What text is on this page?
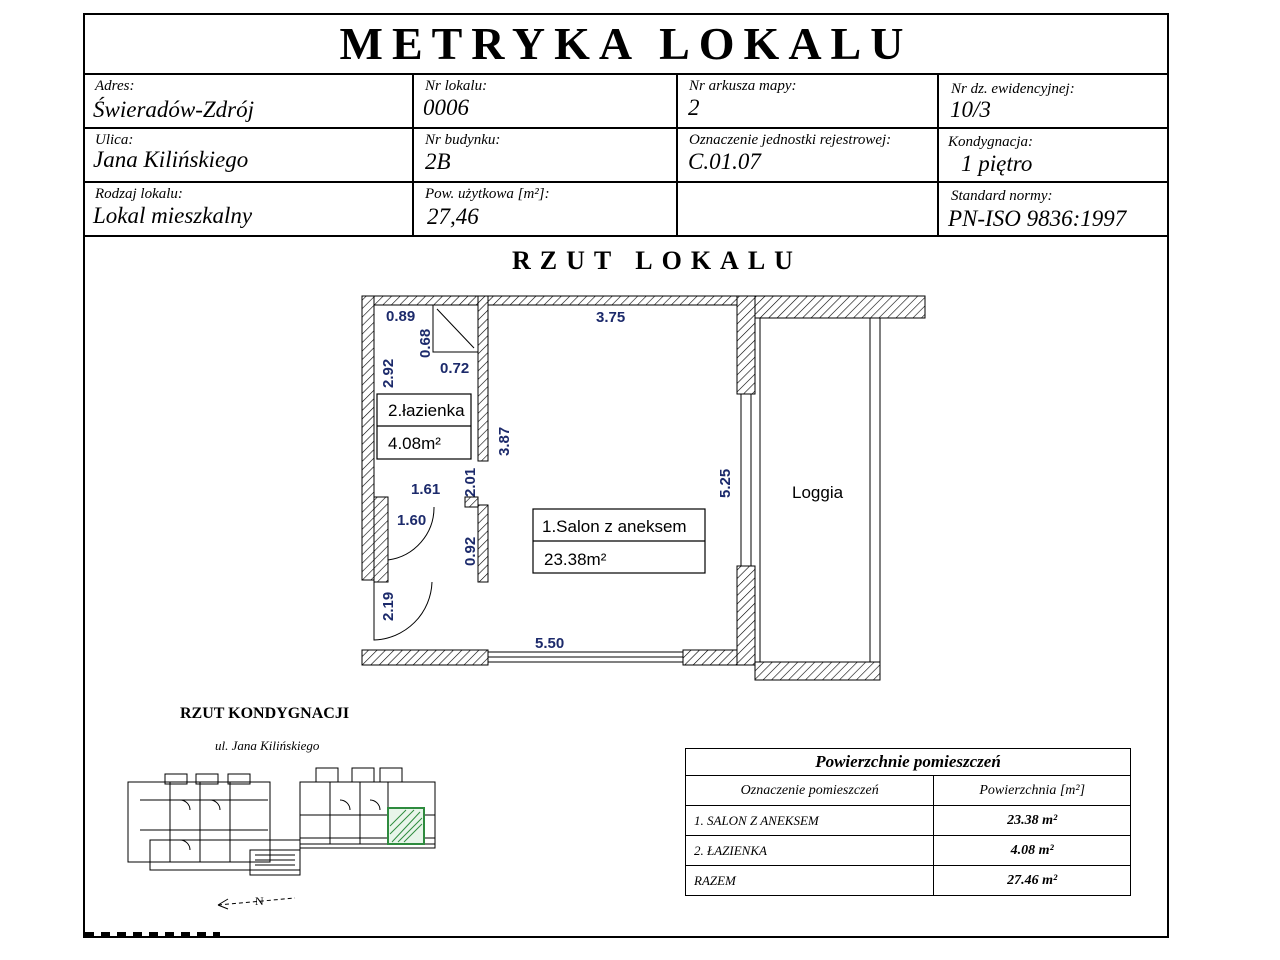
METRYKA LOKALU
Adres:
Świeradów-Zdrój
Nr lokalu:
0006
Nr arkusza mapy:
2
Nr dz. ewidencyjnej:
10/3
Ulica:
Jana Kilińskiego
Nr budynku:
2B
Oznaczenie jednostki rejestrowej:
C.01.07
Kondygnacja:
1 piętro
Rodzaj lokalu:
Lokal mieszkalny
Pow. użytkowa [m²]:
27,46
Standard normy:
PN-ISO 9836:1997
RZUT LOKALU
0.89
0.68
3.75
2.92	0.72
3.87
5.25
1.61 2.01
1.60
0.92
2.19
5.50
2.łazienka
4.08m²
1.Salon z aneksem
23.38m²
Loggia
RZUT KONDYGNACJI
ul. Jana Kilińskiego
N
Powierzchnie pomieszczeń	
Oznaczenie pomieszczeń	Powierzchnia [m²]
1. SALON Z ANEKSEM	23.38 m²
2. ŁAZIENKA	4.08 m²
RAZEM	27.46 m²
